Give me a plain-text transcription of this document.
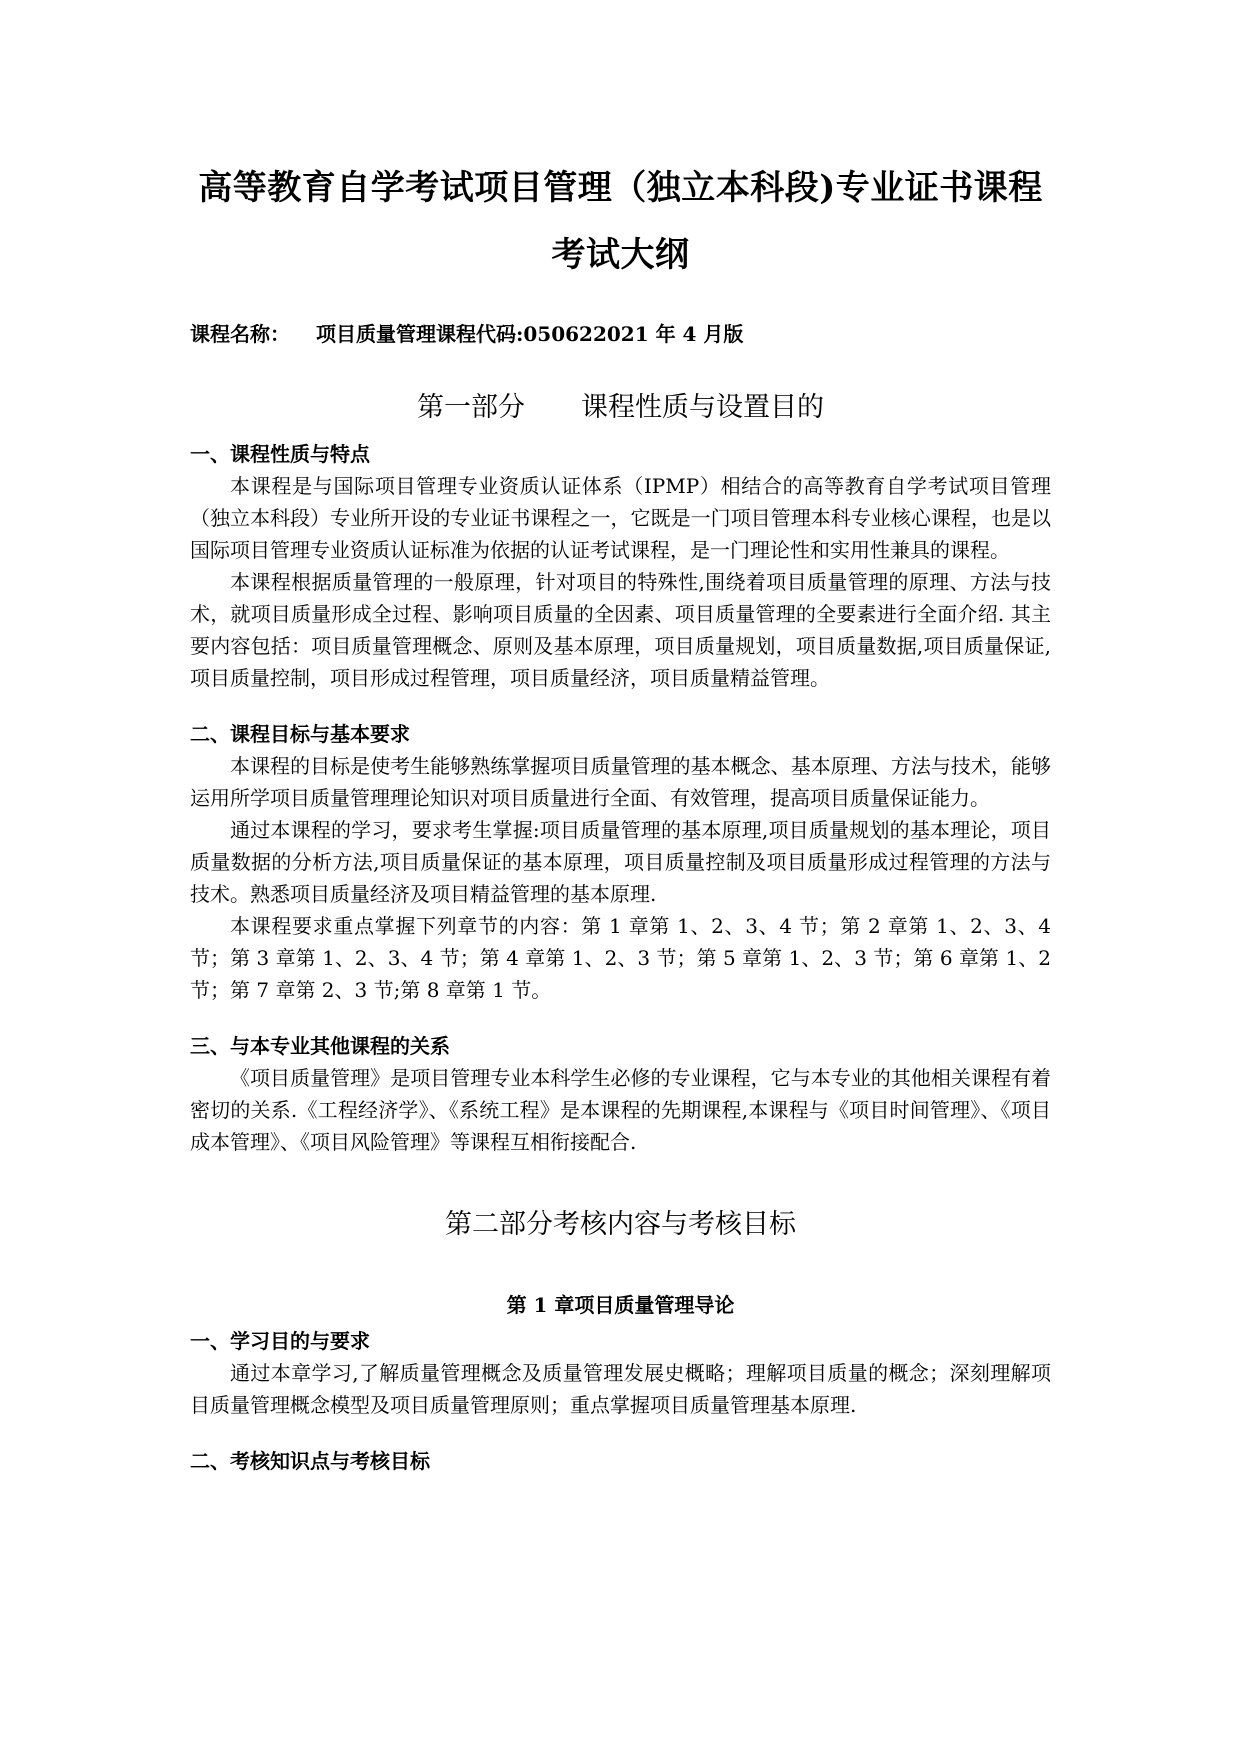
高等教育自学考试项目管理（独立本科段)专业证书课程
考试大纲
课程名称： 项目质量管理课程代码:050622021 年 4 月版
第一部分 课程性质与设置目的
一、课程性质与特点

本课程是与国际项目管理专业资质认证体系（IPMP）相结合的高等教育自学考试项目管理（独立本科段）专业所开设的专业证书课程之一，它既是一门项目管理本科专业核心课程，也是以国际项目管理专业资质认证标准为依据的认证考试课程，是一门理论性和实用性兼具的课程。

本课程根据质量管理的一般原理，针对项目的特殊性,围绕着项目质量管理的原理、方法与技术，就项目质量形成全过程、影响项目质量的全因素、项目质量管理的全要素进行全面介绍. 其主要内容包括：项目质量管理概念、原则及基本原理，项目质量规划，项目质量数据,项目质量保证,项目质量控制，项目形成过程管理，项目质量经济，项目质量精益管理。

二、课程目标与基本要求

本课程的目标是使考生能够熟练掌握项目质量管理的基本概念、基本原理、方法与技术，能够运用所学项目质量管理理论知识对项目质量进行全面、有效管理，提高项目质量保证能力。

通过本课程的学习，要求考生掌握:项目质量管理的基本原理,项目质量规划的基本理论，项目质量数据的分析方法,项目质量保证的基本原理，项目质量控制及项目质量形成过程管理的方法与技术。熟悉项目质量经济及项目精益管理的基本原理.

本课程要求重点掌握下列章节的内容：第 1 章第 1、2、3、4 节；第 2 章第 1、2、3、4 节；第 3 章第 1、2、3、4 节；第 4 章第 1、2、3 节；第 5 章第 1、2、3 节；第 6 章第 1、2 节；第 7 章第 2、3 节;第 8 章第 1 节。

三、与本专业其他课程的关系

《项目质量管理》是项目管理专业本科学生必修的专业课程，它与本专业的其他相关课程有着密切的关系.《工程经济学》、《系统工程》是本课程的先期课程,本课程与《项目时间管理》、《项目成本管理》、《项目风险管理》等课程互相衔接配合.

第二部分考核内容与考核目标
第 1 章项目质量管理导论
一、学习目的与要求

通过本章学习,了解质量管理概念及质量管理发展史概略；理解项目质量的概念；深刻理解项目质量管理概念模型及项目质量管理原则；重点掌握项目质量管理基本原理.

二、考核知识点与考核目标
